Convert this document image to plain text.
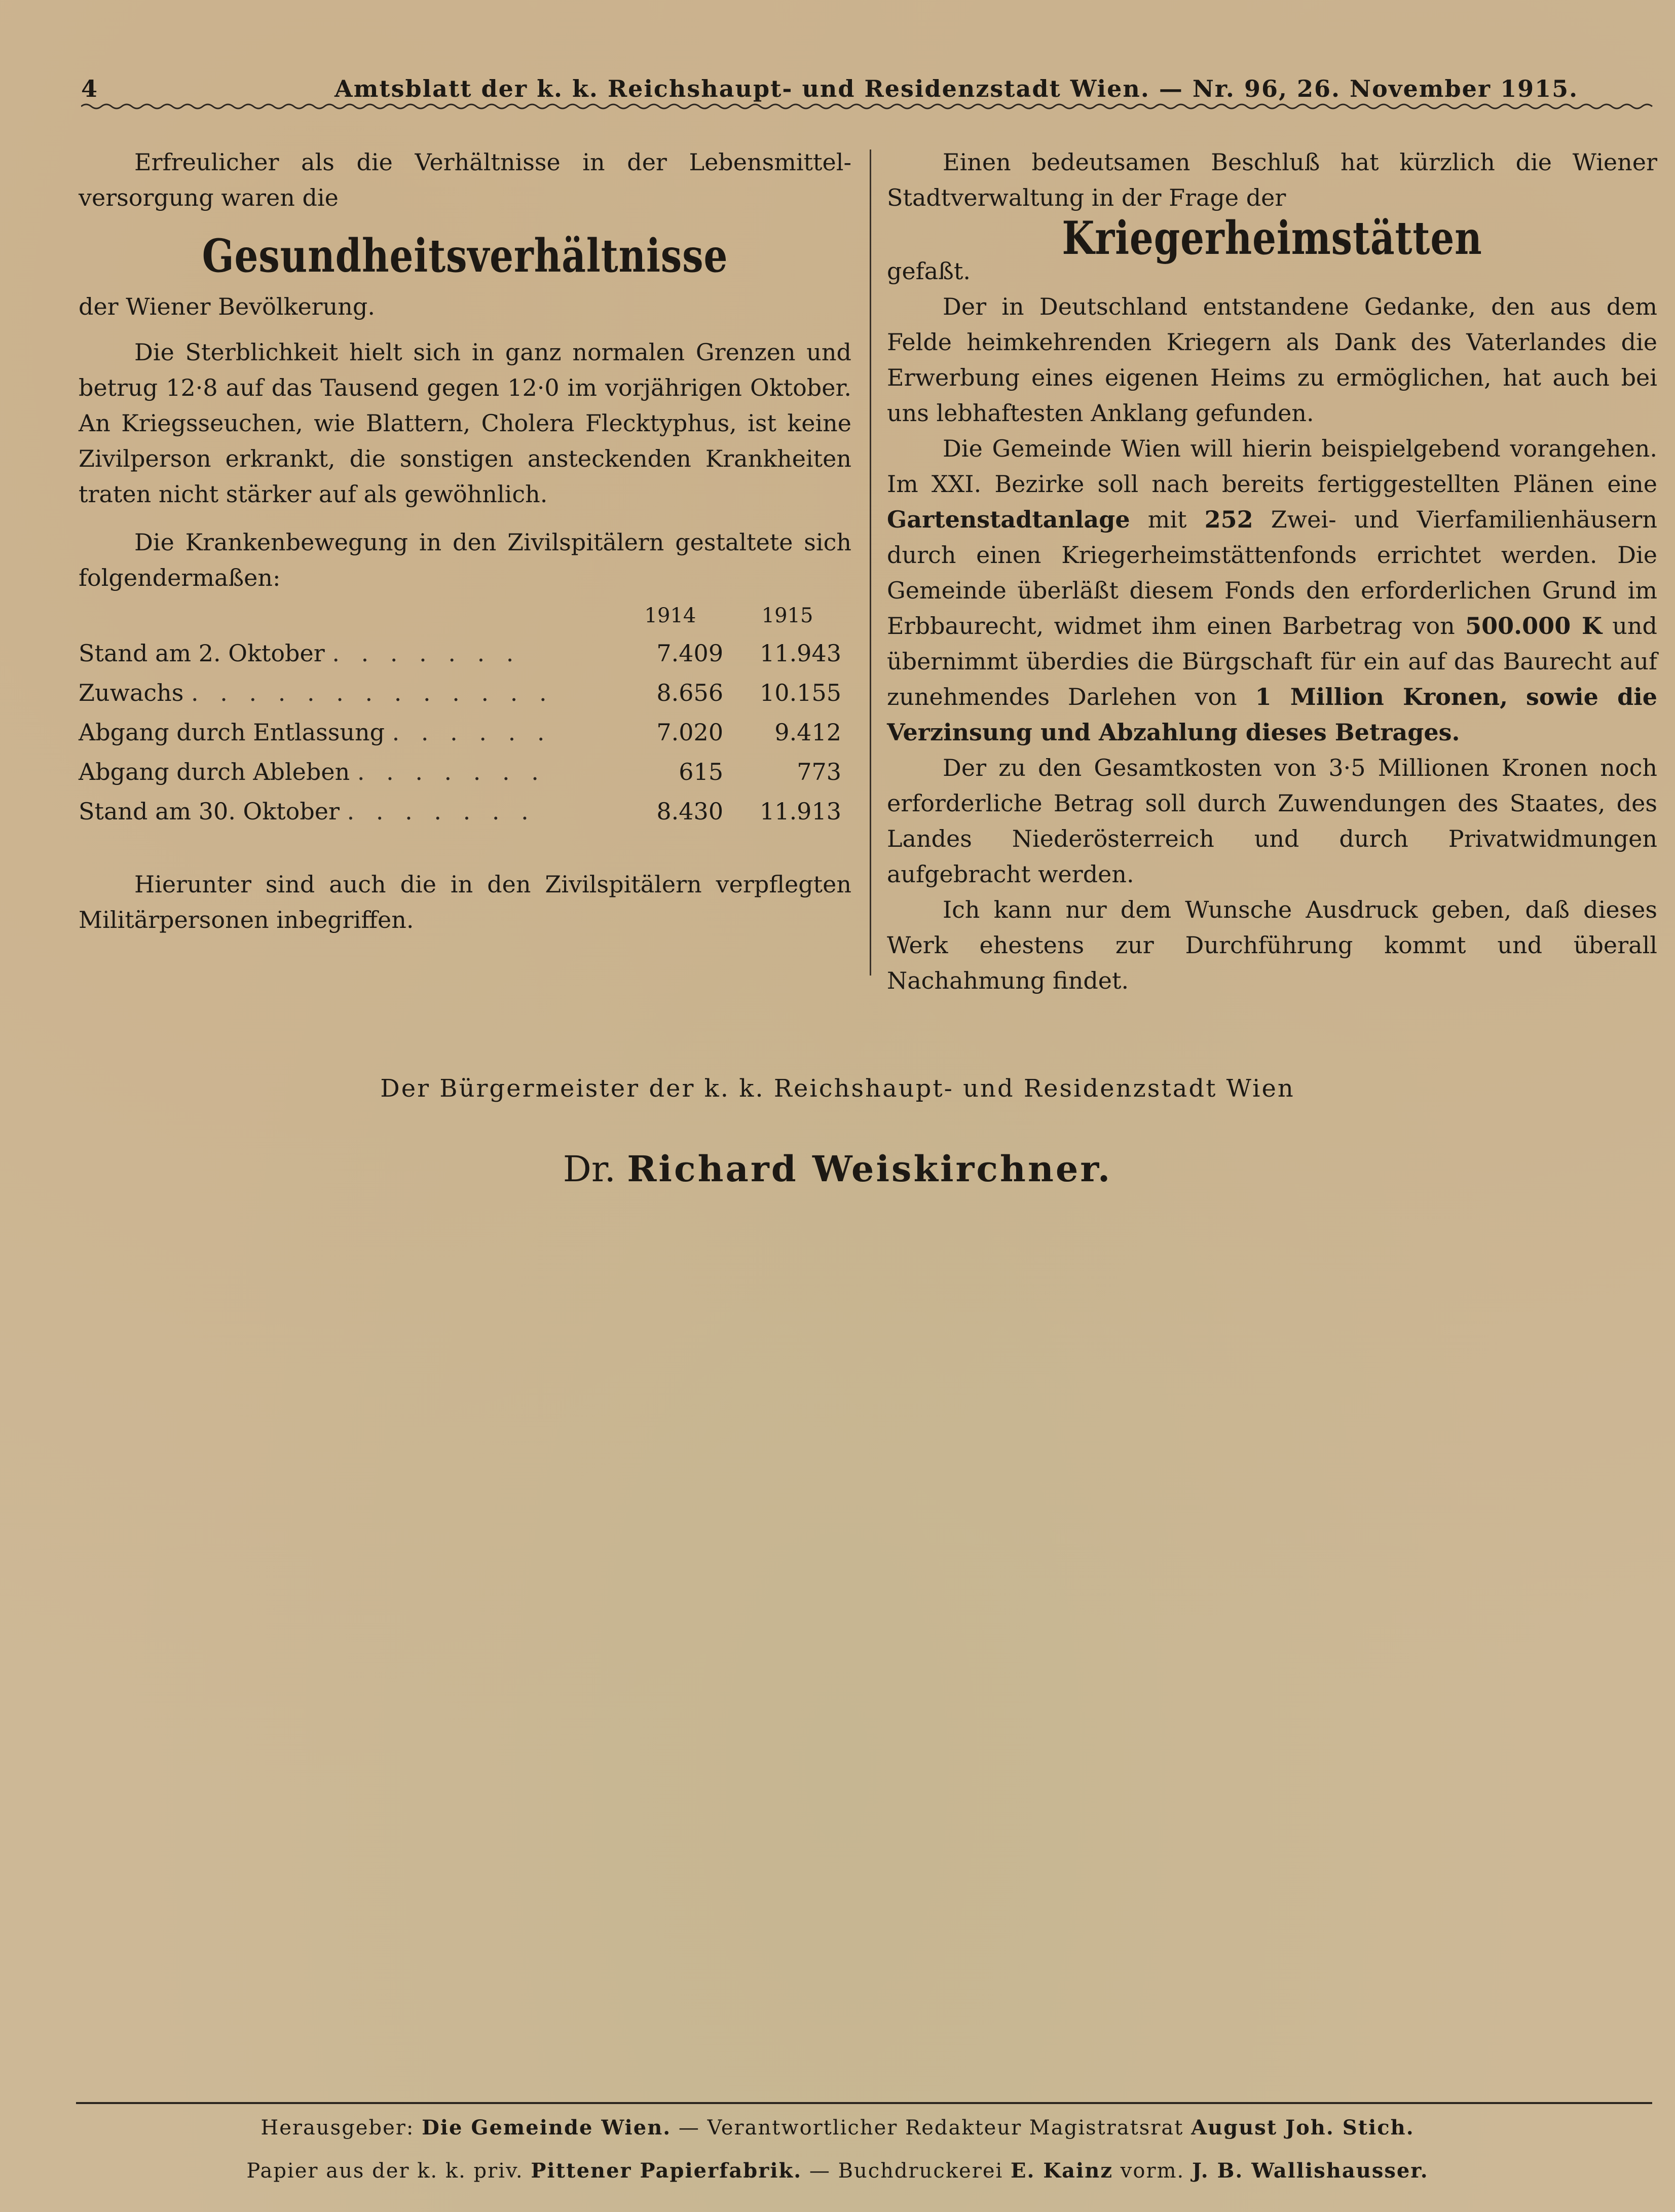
4	Amtsblatt der k. k. Reichshaupt- und Residenzstadt Wien. — Nr. 96, 26. November 1915.

Erfreulicher als die Verhältnisse in der Lebensmittel- versorgung waren die

Gesundheitsverhältnisse

der Wiener Bevölkerung.

Die Sterblichkeit hielt sich in ganz normalen Grenzen und betrug 12·8 auf das Tausend gegen 12·0 im vorjährigen Oktober. An Kriegsseuchen, wie Blattern, Cholera Flecktyphus, ist keine Zivilperson erkrankt, die sonstigen ansteckenden Krankheiten traten nicht stärker auf als gewöhnlich.

Die Krankenbewegung in den Zivilspitälern gestaltete sich folgendermaßen:

	1914	1915
Stand am 2. Oktober . . . . . . .	7.409	11.943
Zuwachs . . . . . . . . . . . . .	8.656	10.155
Abgang durch Entlassung . . . . . .	7.020	9.412
Abgang durch Ableben . . . . . . .	615	773
Stand am 30. Oktober . . . . . . .	8.430	11.913

Hierunter sind auch die in den Zivilspitälern verpflegten Militärpersonen inbegriffen.

Einen bedeutsamen Beschluß hat kürzlich die Wiener Stadtverwaltung in der Frage der

Kriegerheimstätten

gefaßt.

Der in Deutschland entstandene Gedanke, den aus dem Felde heimkehrenden Kriegern als Dank des Vaterlandes die Erwerbung eines eigenen Heims zu ermöglichen, hat auch bei uns lebhaftesten Anklang gefunden.

Die Gemeinde Wien will hierin beispielgebend vorangehen. Im XXI. Bezirke soll nach bereits fertiggestellten Plänen eine Gartenstadtanlage mit 252 Zwei- und Vierfamilienhäusern durch einen Kriegerheimstättenfonds errichtet werden. Die Gemeinde überläßt diesem Fonds den erforderlichen Grund im Erbbaurecht, widmet ihm einen Barbetrag von 500.000 K und übernimmt überdies die Bürgschaft für ein auf das Baurecht auf zunehmendes Darlehen von 1 Million Kronen, sowie die Verzinsung und Abzahlung dieses Betrages.

Der zu den Gesamtkosten von 3·5 Millionen Kronen noch erforderliche Betrag soll durch Zuwendungen des Staates, des Landes Niederösterreich und durch Privatwidmungen aufgebracht werden.

Ich kann nur dem Wunsche Ausdruck geben, daß dieses Werk ehestens zur Durchführung kommt und überall Nachahmung findet.

Der Bürgermeister der k. k. Reichshaupt- und Residenzstadt Wien
Dr. Richard Weiskirchner.
Herausgeber: Die Gemeinde Wien. — Verantwortlicher Redakteur Magistratsrat August Joh. Stich.
Papier aus der k. k. priv. Pittener Papierfabrik. — Buchdruckerei E. Kainz vorm. J. B. Wallishausser.
